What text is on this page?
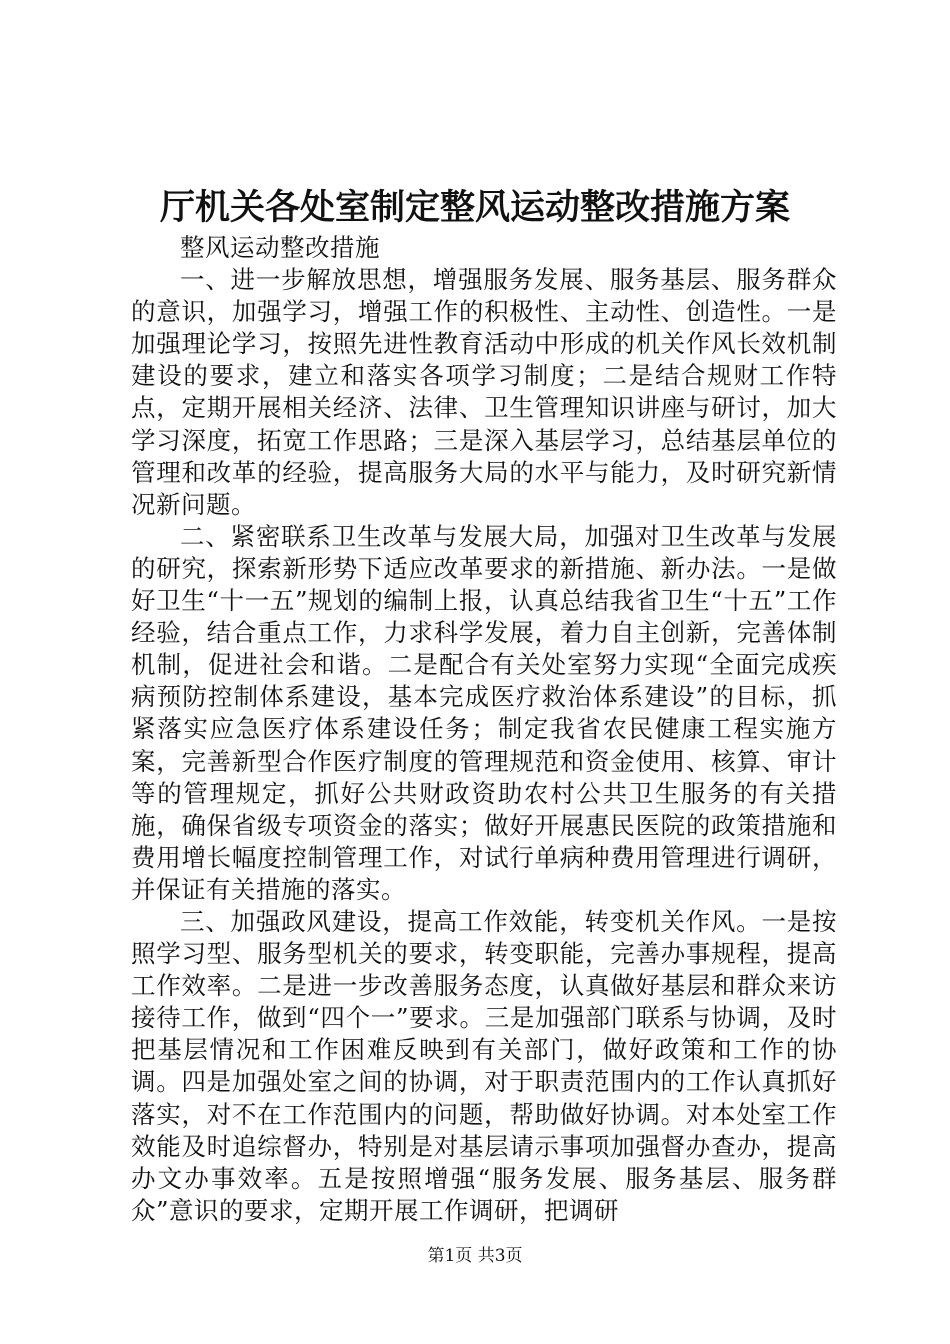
厅机关各处室制定整风运动整改措施方案

整风运动整改措施

一、进一步解放思想，增强服务发展、服务基层、服务群众的意识，加强学习，增强工作的积极性、主动性、创造性。一是加强理论学习，按照先进性教育活动中形成的机关作风长效机制建设的要求，建立和落实各项学习制度；二是结合规财工作特点，定期开展相关经济、法律、卫生管理知识讲座与研讨，加大学习深度，拓宽工作思路；三是深入基层学习，总结基层单位的管理和改革的经验，提高服务大局的水平与能力，及时研究新情况新问题。

二、紧密联系卫生改革与发展大局，加强对卫生改革与发展的研究，探索新形势下适应改革要求的新措施、新办法。一是做好卫生“十一五”规划的编制上报，认真总结我省卫生“十五”工作经验，结合重点工作，力求科学发展，着力自主创新，完善体制机制，促进社会和谐。二是配合有关处室努力实现“全面完成疾病预防控制体系建设，基本完成医疗救治体系建设”的目标，抓紧落实应急医疗体系建设任务；制定我省农民健康工程实施方案，完善新型合作医疗制度的管理规范和资金使用、核算、审计等的管理规定，抓好公共财政资助农村公共卫生服务的有关措施，确保省级专项资金的落实；做好开展惠民医院的政策措施和费用增长幅度控制管理工作，对试行单病种费用管理进行调研，并保证有关措施的落实。

三、加强政风建设，提高工作效能，转变机关作风。一是按照学习型、服务型机关的要求，转变职能，完善办事规程，提高工作效率。二是进一步改善服务态度，认真做好基层和群众来访接待工作，做到“四个一”要求。三是加强部门联系与协调，及时把基层情况和工作困难反映到有关部门，做好政策和工作的协调。四是加强处室之间的协调，对于职责范围内的工作认真抓好落实，对不在工作范围内的问题，帮助做好协调。对本处室工作效能及时追综督办，特别是对基层请示事项加强督办查办，提高办文办事效率。五是按照增强“服务发展、服务基层、服务群众”意识的要求，定期开展工作调研，把调研

第1页 共3页
